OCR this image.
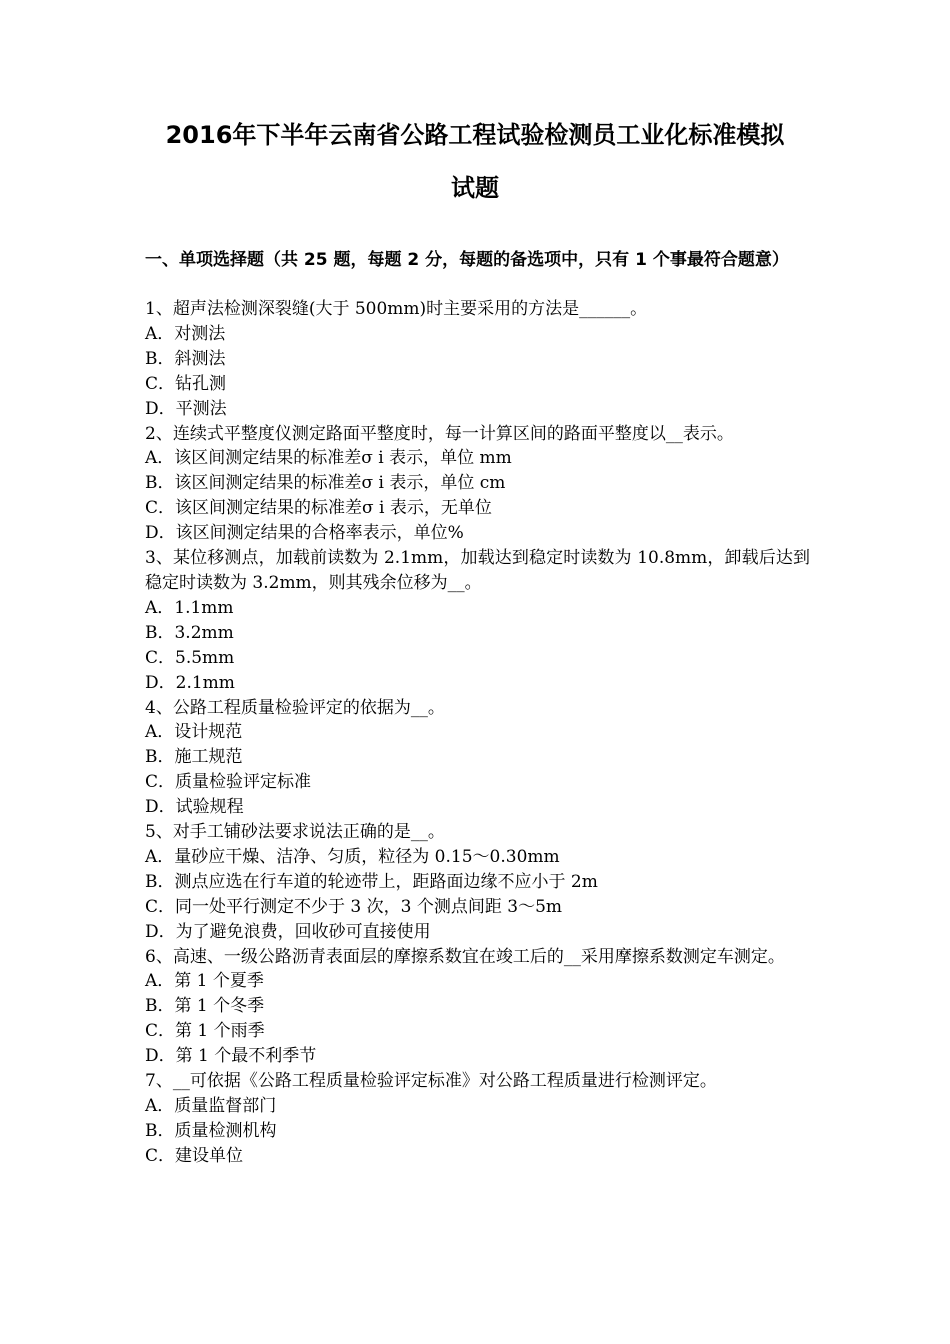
2016年下半年云南省公路工程试验检测员工业化标准模拟
试题

一、单项选择题（共 25 题，每题 2 分，每题的备选项中，只有 1 个事最符合题意）

1、超声法检测深裂缝(大于 500mm)时主要采用的方法是______。

A．对测法

B．斜测法

C．钻孔测

D．平测法

2、连续式平整度仪测定路面平整度时，每一计算区间的路面平整度以__表示。

A．该区间测定结果的标准差σ i 表示，单位 mm

B．该区间测定结果的标准差σ i 表示，单位 cm

C．该区间测定结果的标准差σ i 表示，无单位

D．该区间测定结果的合格率表示，单位%

3、某位移测点，加载前读数为 2.1mm，加载达到稳定时读数为 10.8mm，卸载后达到稳定时读数为 3.2mm，则其残余位移为__。

A．1.1mm

B．3.2mm

C．5.5mm

D．2.1mm

4、公路工程质量检验评定的依据为__。

A．设计规范

B．施工规范

C．质量检验评定标准

D．试验规程

5、对手工铺砂法要求说法正确的是__。

A．量砂应干燥、洁净、匀质，粒径为 0.15～0.30mm

B．测点应选在行车道的轮迹带上，距路面边缘不应小于 2m

C．同一处平行测定不少于 3 次，3 个测点间距 3～5m

D．为了避免浪费，回收砂可直接使用

6、高速、一级公路沥青表面层的摩擦系数宜在竣工后的__采用摩擦系数测定车测定。

A．第 1 个夏季

B．第 1 个冬季

C．第 1 个雨季

D．第 1 个最不利季节

7、__可依据《公路工程质量检验评定标准》对公路工程质量进行检测评定。

A．质量监督部门

B．质量检测机构

C．建设单位
